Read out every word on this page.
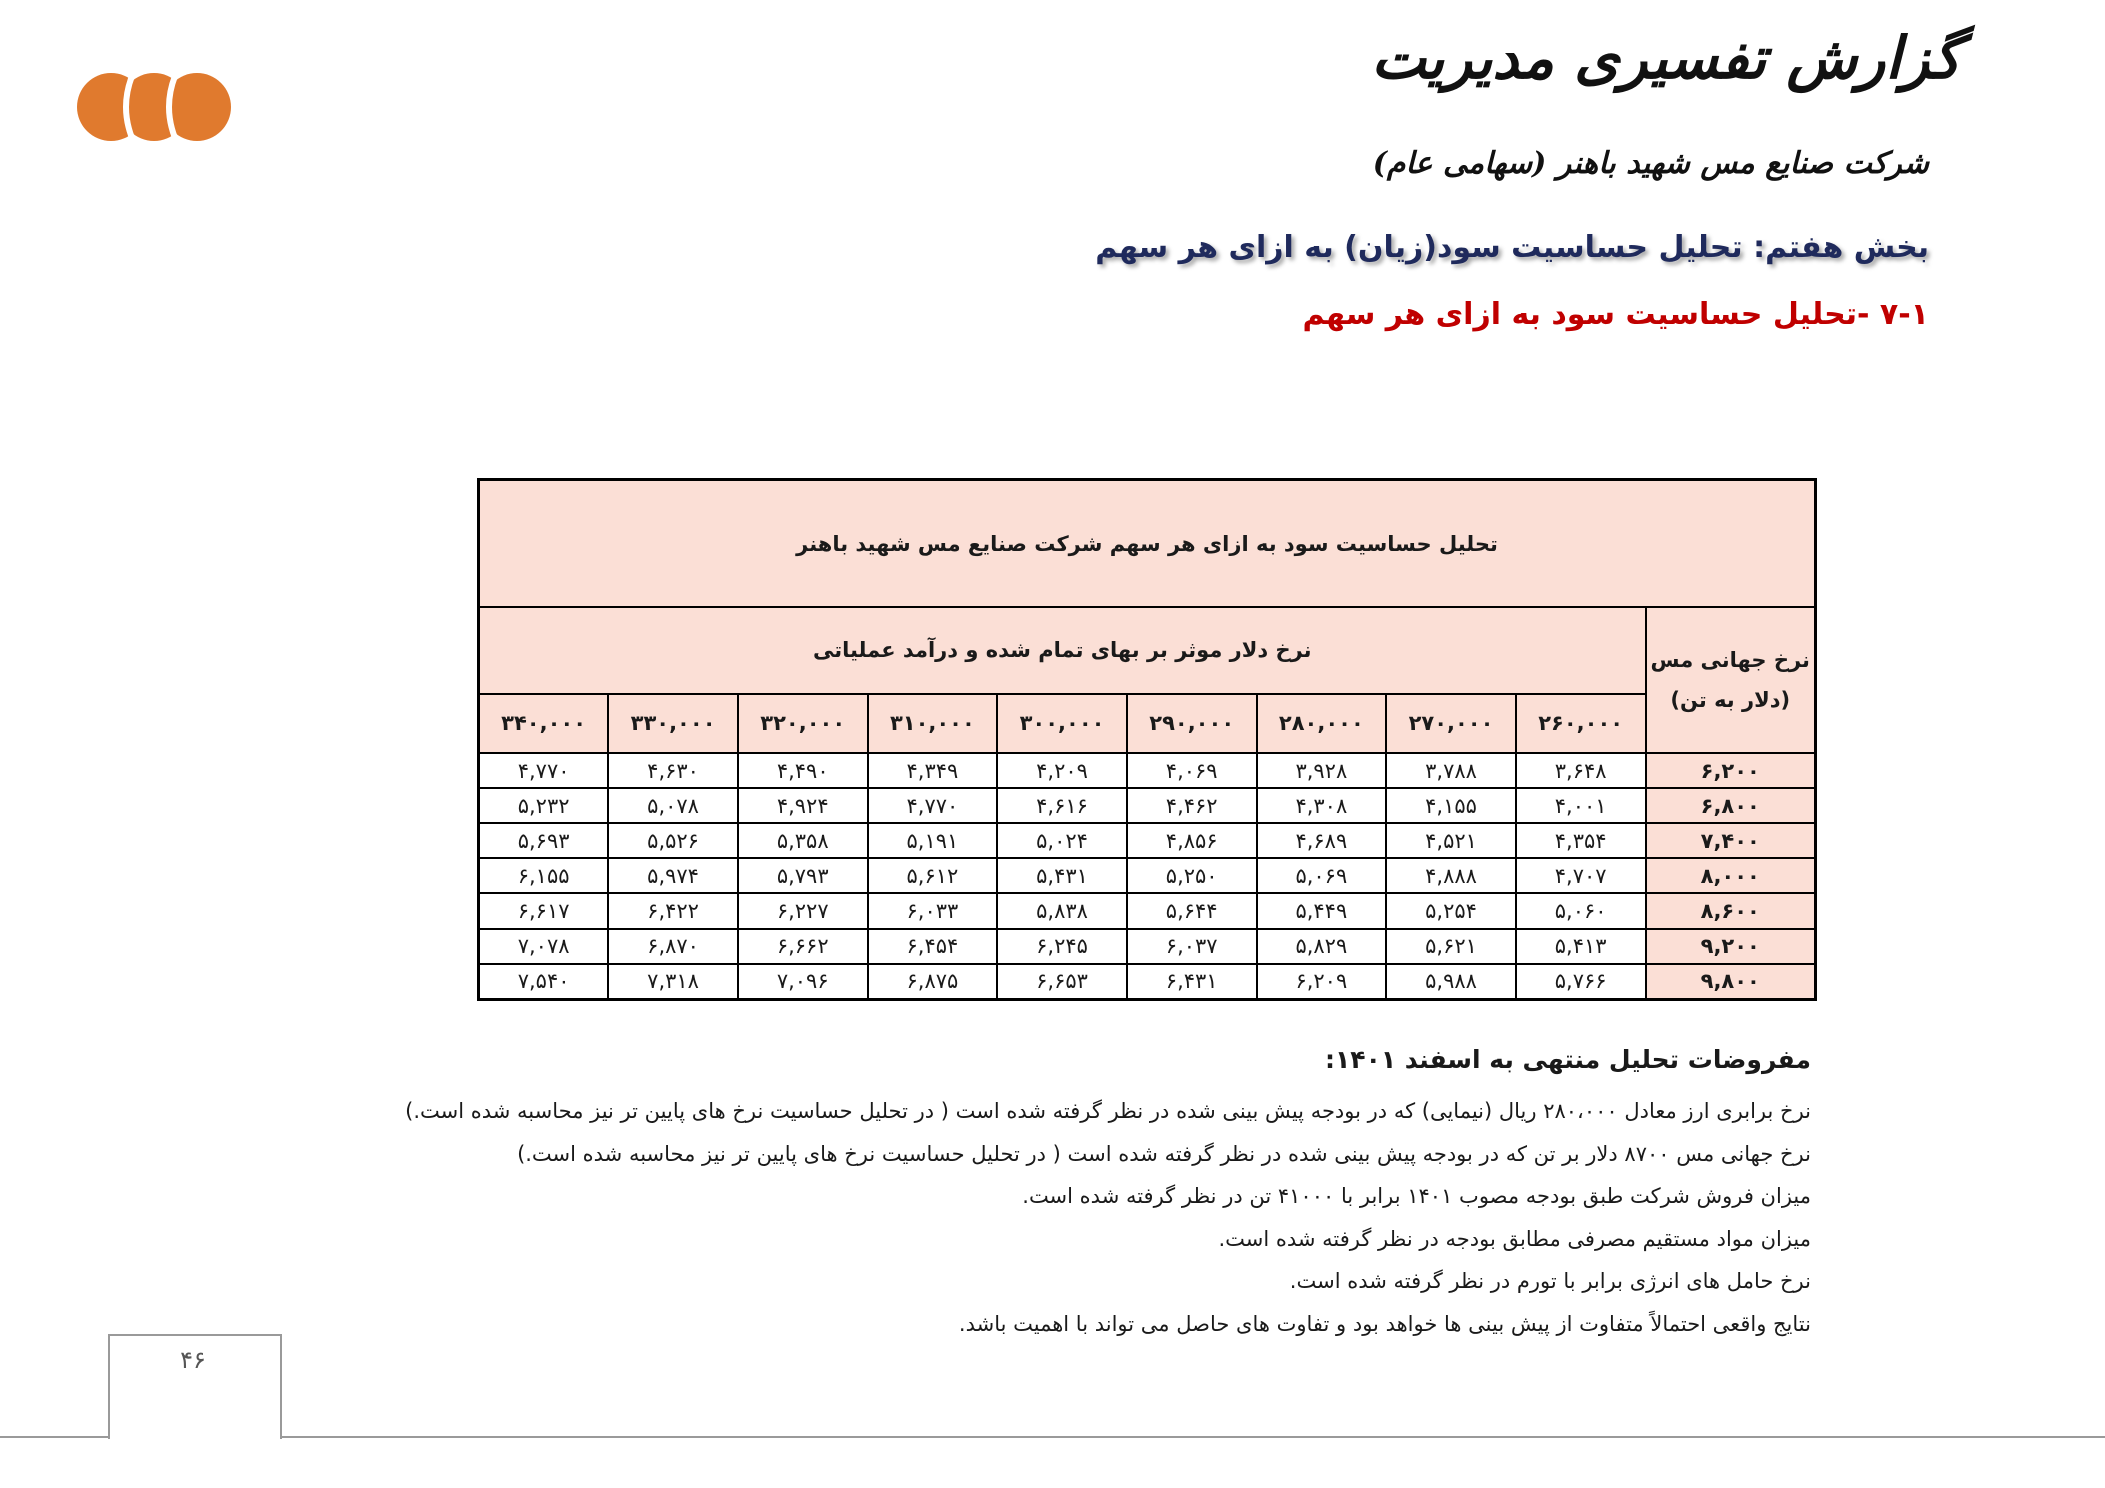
گزارش تفسیری مدیریت
شرکت صنایع مس شهید باهنر (سهامی عام)
بخش هفتم: تحلیل حساسیت سود(زیان) به ازای هر سهم
۷-۱ -تحلیل حساسیت سود به ازای هر سهم
تحلیل حساسیت سود به ازای هر سهم شرکت صنایع مس شهید باهنر									

نرخ جهانی مس
(دلار به تن)	نرخ دلار موثر بر بهای تمام شده و درآمد عملیاتی								
	۲۶۰,۰۰۰	۲۷۰,۰۰۰	۲۸۰,۰۰۰	۲۹۰,۰۰۰	۳۰۰,۰۰۰	۳۱۰,۰۰۰	۳۲۰,۰۰۰	۳۳۰,۰۰۰	۳۴۰,۰۰۰
۶,۲۰۰	۳,۶۴۸	۳,۷۸۸	۳,۹۲۸	۴,۰۶۹	۴,۲۰۹	۴,۳۴۹	۴,۴۹۰	۴,۶۳۰	۴,۷۷۰
۶,۸۰۰	۴,۰۰۱	۴,۱۵۵	۴,۳۰۸	۴,۴۶۲	۴,۶۱۶	۴,۷۷۰	۴,۹۲۴	۵,۰۷۸	۵,۲۳۲
۷,۴۰۰	۴,۳۵۴	۴,۵۲۱	۴,۶۸۹	۴,۸۵۶	۵,۰۲۴	۵,۱۹۱	۵,۳۵۸	۵,۵۲۶	۵,۶۹۳
۸,۰۰۰	۴,۷۰۷	۴,۸۸۸	۵,۰۶۹	۵,۲۵۰	۵,۴۳۱	۵,۶۱۲	۵,۷۹۳	۵,۹۷۴	۶,۱۵۵
۸,۶۰۰	۵,۰۶۰	۵,۲۵۴	۵,۴۴۹	۵,۶۴۴	۵,۸۳۸	۶,۰۳۳	۶,۲۲۷	۶,۴۲۲	۶,۶۱۷
۹,۲۰۰	۵,۴۱۳	۵,۶۲۱	۵,۸۲۹	۶,۰۳۷	۶,۲۴۵	۶,۴۵۴	۶,۶۶۲	۶,۸۷۰	۷,۰۷۸
۹,۸۰۰	۵,۷۶۶	۵,۹۸۸	۶,۲۰۹	۶,۴۳۱	۶,۶۵۳	۶,۸۷۵	۷,۰۹۶	۷,۳۱۸	۷,۵۴۰
مفروضات تحلیل منتهی به اسفند ۱۴۰۱:
نرخ برابری ارز معادل ۲۸۰،۰۰۰ ریال (نیمایی) که در بودجه پیش بینی شده در نظر گرفته شده است ( در تحلیل حساسیت نرخ های پایین تر نیز محاسبه شده است.)
نرخ جهانی مس ۸۷۰۰ دلار بر تن که در بودجه پیش بینی شده در نظر گرفته شده است ( در تحلیل حساسیت نرخ های پایین تر نیز محاسبه شده است.)
میزان فروش شرکت طبق بودجه مصوب ۱۴۰۱ برابر با ۴۱۰۰۰ تن در نظر گرفته شده است.
میزان مواد مستقیم مصرفی مطابق بودجه در نظر گرفته شده است.
نرخ حامل های انرژی برابر با تورم در نظر گرفته شده است.
نتایج واقعی احتمالاً متفاوت از پیش بینی ها خواهد بود و تفاوت های حاصل می تواند با اهمیت باشد.
۴۶
